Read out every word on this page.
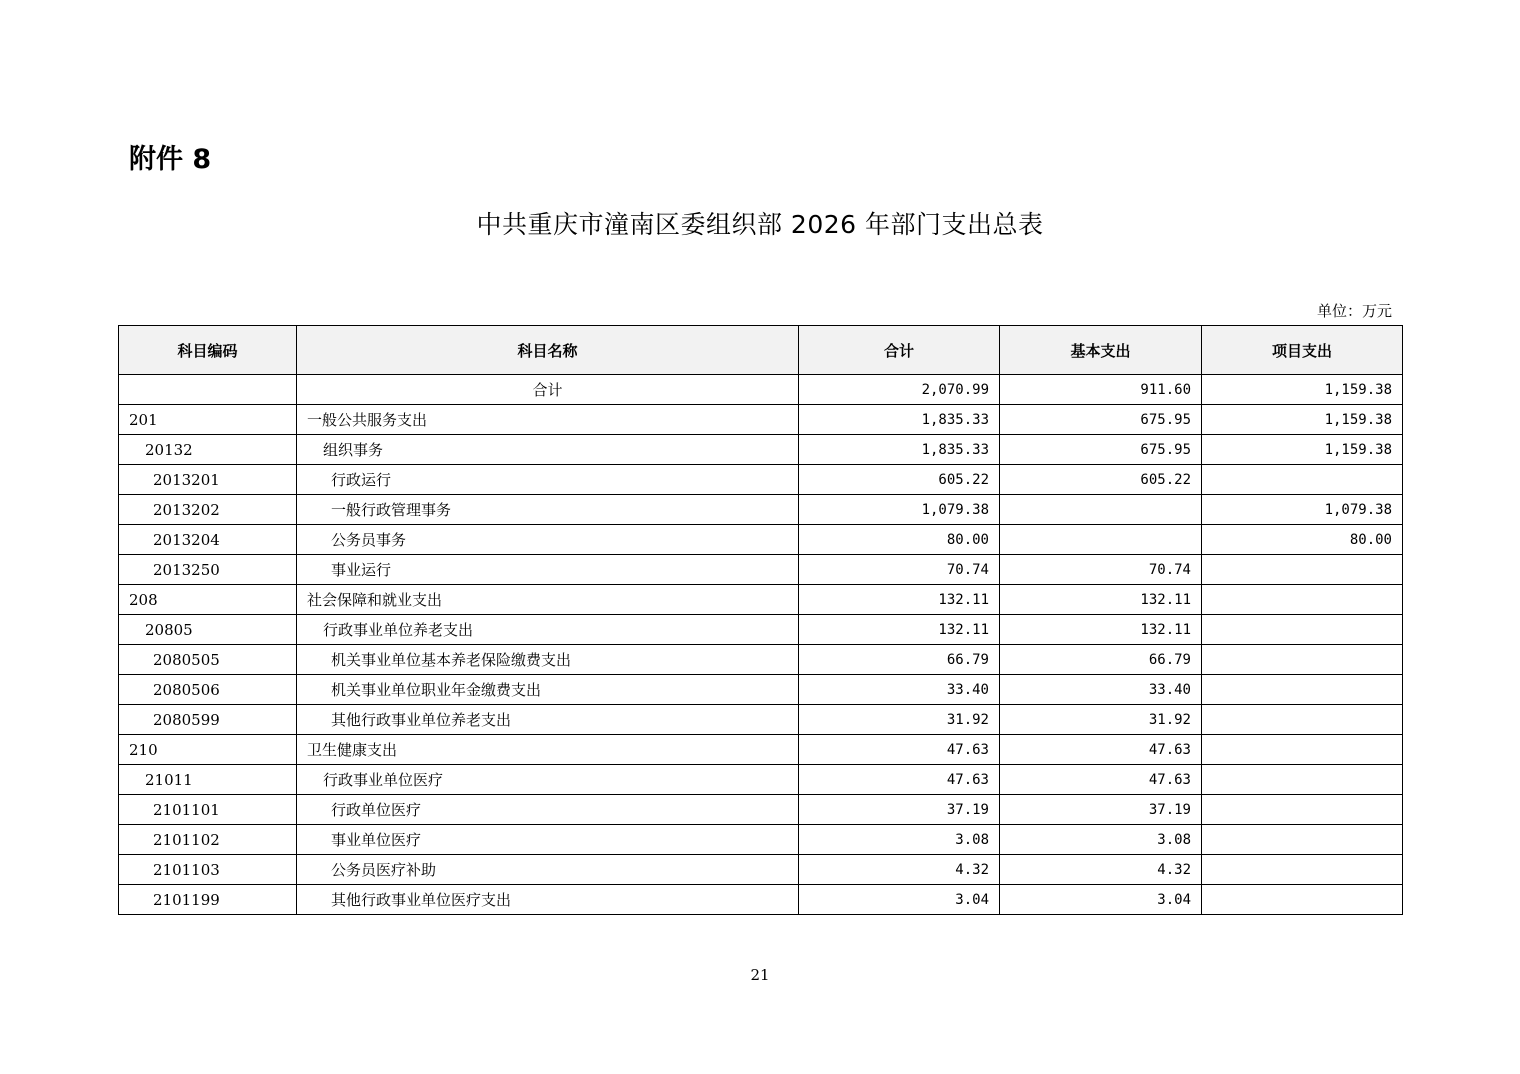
附件 8
中共重庆市潼南区委组织部 2026 年部门支出总表
单位：万元
科目编码	科目名称	合计	基本支出	项目支出
	合计	2,070.99	911.60	1,159.38
201	一般公共服务支出	1,835.33	675.95	1,159.38
20132	组织事务	1,835.33	675.95	1,159.38
2013201	行政运行	605.22	605.22	
2013202	一般行政管理事务	1,079.38		1,079.38
2013204	公务员事务	80.00		80.00
2013250	事业运行	70.74	70.74	
208	社会保障和就业支出	132.11	132.11	
20805	行政事业单位养老支出	132.11	132.11	
2080505	机关事业单位基本养老保险缴费支出	66.79	66.79	
2080506	机关事业单位职业年金缴费支出	33.40	33.40	
2080599	其他行政事业单位养老支出	31.92	31.92	
210	卫生健康支出	47.63	47.63	
21011	行政事业单位医疗	47.63	47.63	
2101101	行政单位医疗	37.19	37.19	
2101102	事业单位医疗	3.08	3.08	
2101103	公务员医疗补助	4.32	4.32	
2101199	其他行政事业单位医疗支出	3.04	3.04	
21
